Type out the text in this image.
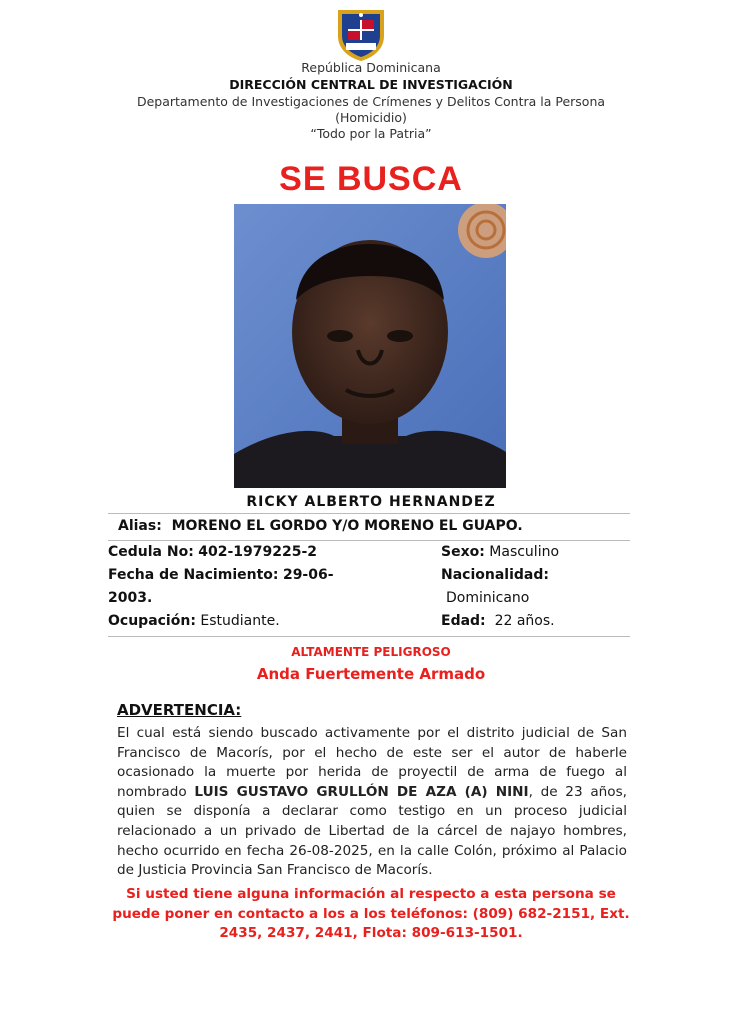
República Dominicana
DIRECCIÓN CENTRAL DE INVESTIGACIÓN
Departamento de Investigaciones de Crímenes y Delitos Contra la Persona
(Homicidio)
“Todo por la Patria”
SE BUSCA
RICKY ALBERTO HERNANDEZ
Alias: MORENO EL GORDO Y/O MORENO EL GUAPO.
Cedula No: 402-1979225-2
Fecha de Nacimiento: 29-06-
2003.
Ocupación: Estudiante.
Sexo: Masculino
Nacionalidad:
Dominicano
Edad: 22 años.
ALTAMENTE PELIGROSO
Anda Fuertemente Armado
ADVERTENCIA:
El cual está siendo buscado activamente por el distrito judicial de San Francisco de Macorís, por el hecho de este ser el autor de haberle ocasionado la muerte por herida de proyectil de arma de fuego al nombrado LUIS GUSTAVO GRULLÓN DE AZA (A) NINI, de 23 años, quien se disponía a declarar como testigo en un proceso judicial relacionado a un privado de Libertad de la cárcel de najayo hombres, hecho ocurrido en fecha 26-08-2025, en la calle Colón, próximo al Palacio de Justicia Provincia San Francisco de Macorís.
Si usted tiene alguna información al respecto a esta persona se puede poner en contacto a los a los teléfonos: (809) 682-2151, Ext. 2435, 2437, 2441, Flota: 809-613-1501.
